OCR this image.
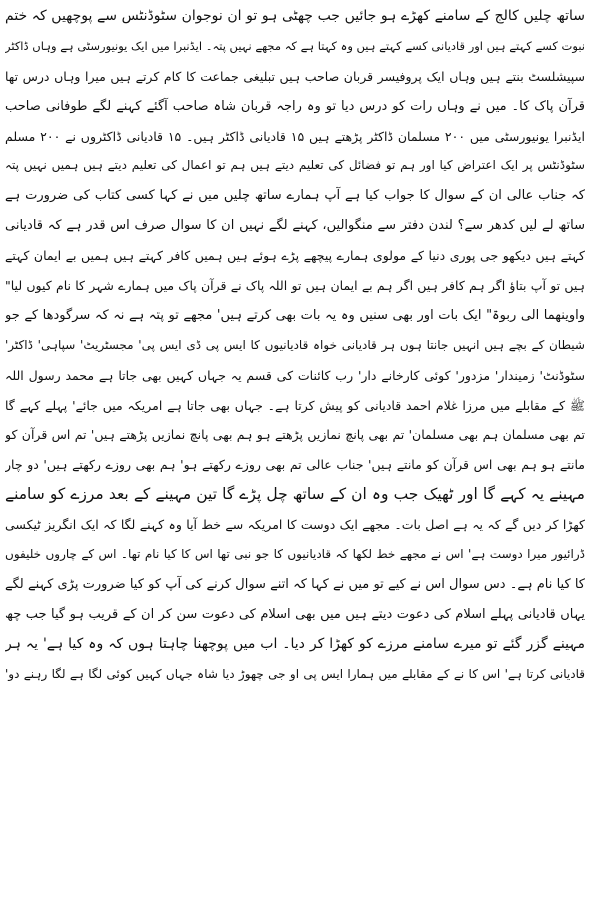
ساتھ چلیں کالج کے سامنے کھڑے ہو جائیں جب چھٹی ہو تو ان نوجوان سٹوڈنٹس سے پوچھیں کہ ختم
نبوت کسے کہتے ہیں اور قادیانی کسے کہتے ہیں وہ کہتا ہے کہ مجھے نہیں پتہ۔ ایڈنبرا میں ایک یونیورسٹی ہے وہاں ڈاکٹر
سپیشلسٹ بنتے ہیں وہاں ایک پروفیسر قربان صاحب ہیں تبلیغی جماعت کا کام کرتے ہیں میرا وہاں درس تھا
قرآن پاک کا۔ میں نے وہاں رات کو درس دیا تو وہ راجہ قربان شاہ صاحب آگئے کہنے لگے طوفانی صاحب
ایڈنبرا یونیورسٹی میں ۲۰۰ مسلمان ڈاکٹر پڑھتے ہیں ۱۵ قادیانی ڈاکٹر ہیں۔ ۱۵ قادیانی ڈاکٹروں نے ۲۰۰ مسلم
سٹوڈنٹس پر ایک اعتراض کیا اور ہم تو فضائل کی تعلیم دیتے ہیں ہم تو اعمال کی تعلیم دیتے ہیں ہمیں نہیں پتہ
کہ جناب عالی ان کے سوال کا جواب کیا ہے آپ ہمارے ساتھ چلیں میں نے کہا کسی کتاب کی ضرورت ہے
ساتھ لے لیں کدھر سے؟ لندن دفتر سے منگوالیں، کہنے لگے نہیں ان کا سوال صرف اس قدر ہے کہ قادیانی
کہتے ہیں دیکھو جی پوری دنیا کے مولوی ہمارے پیچھے پڑے ہوئے ہیں ہمیں کافر کہتے ہیں ہمیں بے ایمان کہتے
ہیں تو آپ بتاؤ اگر ہم کافر ہیں اگر ہم بے ایمان ہیں تو اللہ پاک نے قرآن پاک میں ہمارے شہر کا نام کیوں لیا"
واوینھما الی ربوۃ" ایک بات اور بھی سنیں وہ یہ بات بھی کرتے ہیں' مجھے تو پتہ ہے نہ کہ سرگودھا کے جو
شیطان کے بچے ہیں انہیں جانتا ہوں ہر قادیانی خواہ قادیانیوں کا ایس پی ڈی ایس پی' مجسٹریٹ' سپاہی' ڈاکٹر'
سٹوڈنٹ' زمیندار' مزدور' کوئی کارخانے دار' رب کائنات کی قسم یہ جہاں کہیں بھی جاتا ہے محمد رسول اللہ
ﷺ کے مقابلے میں مرزا غلام احمد قادیانی کو پیش کرتا ہے۔ جہاں بھی جاتا ہے امریکہ میں جائے' پہلے کہے گا
تم بھی مسلمان ہم بھی مسلمان' تم بھی پانچ نمازیں پڑھتے ہو ہم بھی پانچ نمازیں پڑھتے ہیں' تم اس قرآن کو
مانتے ہو ہم بھی اس قرآن کو مانتے ہیں' جناب عالی تم بھی روزے رکھتے ہو' ہم بھی روزے رکھتے ہیں' دو چار
مہینے یہ کہے گا اور ٹھیک جب وہ ان کے ساتھ چل پڑے گا تین مہینے کے بعد مرزے کو سامنے
کھڑا کر دیں گے کہ یہ ہے اصل بات۔ مجھے ایک دوست کا امریکہ سے خط آیا وہ کہنے لگا کہ ایک انگریز ٹیکسی
ڈرائیور میرا دوست ہے' اس نے مجھے خط لکھا کہ قادیانیوں کا جو نبی تھا اس کا کیا نام تھا۔ اس کے چاروں خلیفوں
کا کیا نام ہے۔ دس سوال اس نے کیے تو میں نے کہا کہ اتنے سوال کرنے کی آپ کو کیا ضرورت پڑی کہنے لگے
یہاں قادیانی پہلے اسلام کی دعوت دیتے ہیں میں بھی اسلام کی دعوت سن کر ان کے قریب ہو گیا جب چھ
مہینے گزر گئے تو میرے سامنے مرزے کو کھڑا کر دیا۔ اب میں پوچھنا چاہتا ہوں کہ وہ کیا ہے' یہ ہر
قادیانی کرتا ہے' اس کا نے کے مقابلے میں ہمارا ایس پی او جی چھوڑ دیا شاہ جہاں کہیں کوئی لگا ہے لگا رہنے دو'
